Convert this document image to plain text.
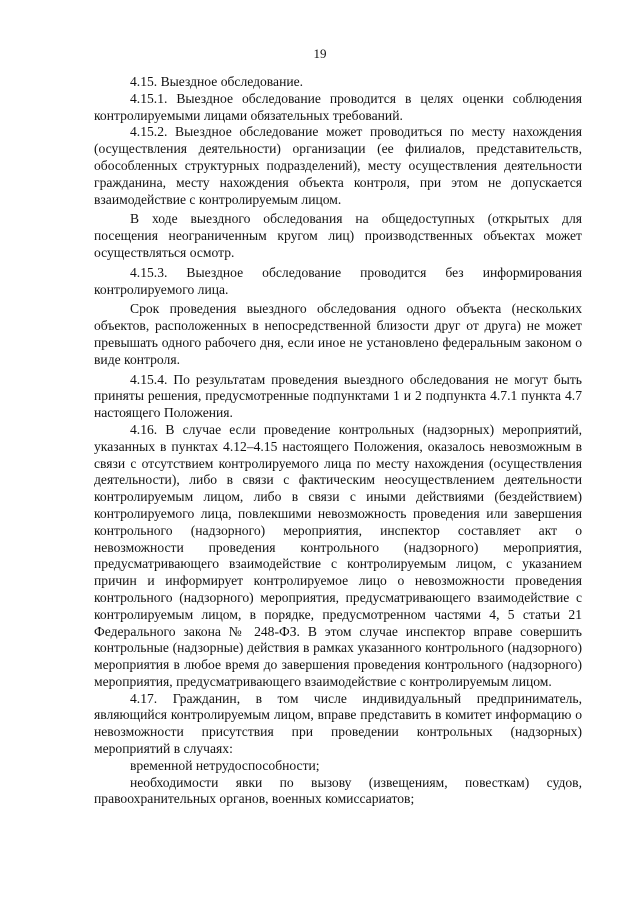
19

4.15. Выездное обследование.

4.15.1. Выездное обследование проводится в целях оценки соблюдения контролируемыми лицами обязательных требований.

4.15.2. Выездное обследование может проводиться по месту нахождения (осуществления деятельности) организации (ее филиалов, представительств, обособленных структурных подразделений), месту осуществления деятельности гражданина, месту нахождения объекта контроля, при этом не допускается взаимодействие с контролируемым лицом.

В ходе выездного обследования на общедоступных (открытых для посещения неограниченным кругом лиц) производственных объектах может осуществляться осмотр.

4.15.3. Выездное обследование проводится без информирования контролируемого лица.

Срок проведения выездного обследования одного объекта (нескольких объектов, расположенных в непосредственной близости друг от друга) не может превышать одного рабочего дня, если иное не установлено федеральным законом о виде контроля.

4.15.4. По результатам проведения выездного обследования не могут быть приняты решения, предусмотренные подпунктами 1 и 2 подпункта 4.7.1 пункта 4.7 настоящего Положения.

4.16. В случае если проведение контрольных (надзорных) мероприятий, указанных в пунктах 4.12–4.15 настоящего Положения, оказалось невозможным в связи с отсутствием контролируемого лица по месту нахождения (осуществления деятельности), либо в связи с фактическим неосуществлением деятельности контролируемым лицом, либо в связи с иными действиями (бездействием) контролируемого лица, повлекшими невозможность проведения или завершения контрольного (надзорного) мероприятия, инспектор составляет акт о невозможности проведения контрольного (надзорного) мероприятия, предусматривающего взаимодействие с контролируемым лицом, с указанием причин и информирует контролируемое лицо о невозможности проведения контрольного (надзорного) мероприятия, предусматривающего взаимодействие с контролируемым лицом, в порядке, предусмотренном частями 4, 5 статьи 21 Федерального закона № 248-ФЗ. В этом случае инспектор вправе совершить контрольные (надзорные) действия в рамках указанного контрольного (надзорного) мероприятия в любое время до завершения проведения контрольного (надзорного) мероприятия, предусматривающего взаимодействие с контролируемым лицом.

4.17. Гражданин, в том числе индивидуальный предприниматель, являющийся контролируемым лицом, вправе представить в комитет информацию о невозможности присутствия при проведении контрольных (надзорных) мероприятий в случаях:

временной нетрудоспособности;

необходимости явки по вызову (извещениям, повесткам) судов, правоохранительных органов, военных комиссариатов;
